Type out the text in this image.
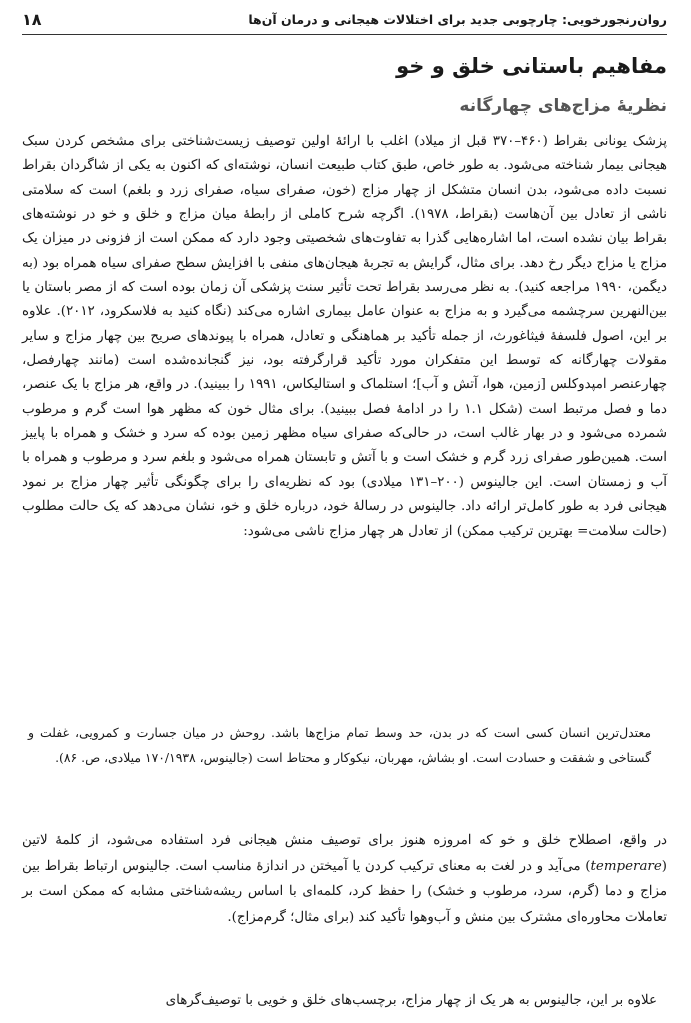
روان‌رنجورخویی: چارچوبی جدید برای اختلالات هیجانی و درمان آن‌ها
۱۸
مفاهیم باستانی خلق و خو
نظریهٔ مزاج‌های چهارگانه

پزشک یونانی بقراط (۴۶۰–۳۷۰ قبل از میلاد) اغلب با ارائهٔ اولین توصیف زیست‌شناختی برای مشخص کردن سبک هیجانی بیمار شناخته می‌شود. به طور خاص، طبق کتاب طبیعت انسان، نوشته‌ای که اکنون به یکی از شاگردان بقراط نسبت داده می‌شود، بدن انسان متشکل از چهار مزاج (خون، صفرای سیاه، صفرای زرد و بلغم) است که سلامتی ناشی از تعادل بین آن‌هاست (بقراط، ۱۹۷۸). اگرچه شرح کاملی از رابطهٔ میان مزاج و خلق و خو در نوشته‌های بقراط بیان نشده است، اما اشاره‌هایی گذرا به تفاوت‌های شخصیتی وجود دارد که ممکن است از فزونی در میزان یک مزاج یا مزاج دیگر رخ دهد. برای مثال، گرایش به تجربهٔ هیجان‌های منفی با افزایش سطح صفرای سیاه همراه بود (به دیگمن، ۱۹۹۰ مراجعه کنید). به نظر می‌رسد بقراط تحت تأثیر سنت پزشکی آن زمان بوده است که از مصر باستان یا بین‌النهرین سرچشمه می‌گیرد و به مزاج به عنوان عامل بیماری اشاره می‌کند (نگاه کنید به فلاسکرود، ۲۰۱۲). علاوه بر این، اصول فلسفهٔ فیثاغورث، از جمله تأکید بر هماهنگی و تعادل، همراه با پیوندهای صریح بین چهار مزاج و سایر مقولات چهارگانه که توسط این متفکران مورد تأکید قرارگرفته بود، نیز گنجانده‌شده است (مانند چهارفصل، چهارعنصر امپدوکلس [زمین، هوا، آتش و آب]؛ استلماک و استالیکاس، ۱۹۹۱ را ببینید). در واقع، هر مزاج با یک عنصر، دما و فصل مرتبط است (شکل ۱.۱ را در ادامهٔ فصل ببینید). برای مثال خون که مظهر هوا است گرم و مرطوب شمرده می‌شود و در بهار غالب است، در حالی‌که صفرای سیاه مظهر زمین بوده که سرد و خشک و همراه با پاییز است. همین‌طور صفرای زرد گرم و خشک است و با آتش و تابستان همراه می‌شود و بلغم سرد و مرطوب و همراه با آب و زمستان است. این جالینوس (۲۰۰–۱۳۱ میلادی) بود که نظریه‌ای را برای چگونگی تأثیر چهار مزاج بر نمود هیجانی فرد به طور کامل‌تر ارائه داد. جالینوس در رسالهٔ خود، درباره خلق و خو، نشان می‌دهد که یک حالت مطلوب (حالت سلامت= بهترین ترکیب ممکن) از تعادل هر چهار مزاج ناشی می‌شود:

معتدل‌ترین انسان کسی است که در بدن، حد وسط تمام مزاج‌ها باشد. روحش در میان جسارت و کمرویی، غفلت و گستاخی و شفقت و حسادت است. او بشاش، مهربان، نیکوکار و محتاط است (جالینوس، ۱۷۰/۱۹۳۸ میلادی، ص. ۸۶).

در واقع، اصطلاح خلق و خو که امروزه هنوز برای توصیف منش هیجانی فرد استفاده می‌شود، از کلمهٔ لاتین (temperare) می‌آید و در لغت به معنای ترکیب کردن یا آمیختن در اندازهٔ مناسب است. جالینوس ارتباط بقراط بین مزاج و دما (گرم، سرد، مرطوب و خشک) را حفظ کرد، کلمه‌ای با اساس ریشه‌شناختی مشابه که ممکن است بر تعاملات محاوره‌ای مشترک بین منش و آب‌وهوا تأکید کند (برای مثال؛ گرم‌مزاج).

علاوه بر این، جالینوس به هر یک از چهار مزاج، برچسب‌های خلق و خویی با توصیف‌گرهای
